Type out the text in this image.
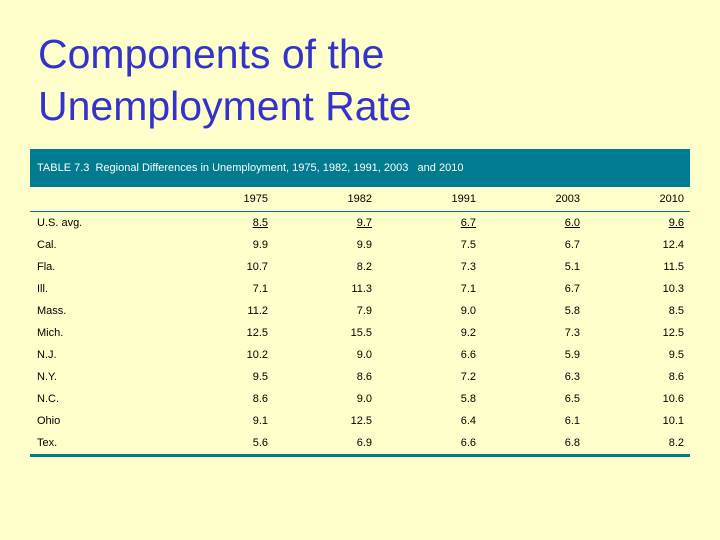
Components of the
Unemployment Rate
TABLE 7.3  Regional Differences in Unemployment, 1975, 1982, 1991, 2003   and 2010
	1975	1982	1991	2003	2010
U.S. avg.	8.5	9.7	6.7	6.0	9.6
Cal.	9.9	9.9	7.5	6.7	12.4
Fla.	10.7	8.2	7.3	5.1	11.5
Ill.	7.1	11.3	7.1	6.7	10.3
Mass.	11.2	7.9	9.0	5.8	8.5
Mich.	12.5	15.5	9.2	7.3	12.5
N.J.	10.2	9.0	6.6	5.9	9.5
N.Y.	9.5	8.6	7.2	6.3	8.6
N.C.	8.6	9.0	5.8	6.5	10.6
Ohio	9.1	12.5	6.4	6.1	10.1
Tex.	5.6	6.9	6.6	6.8	8.2
